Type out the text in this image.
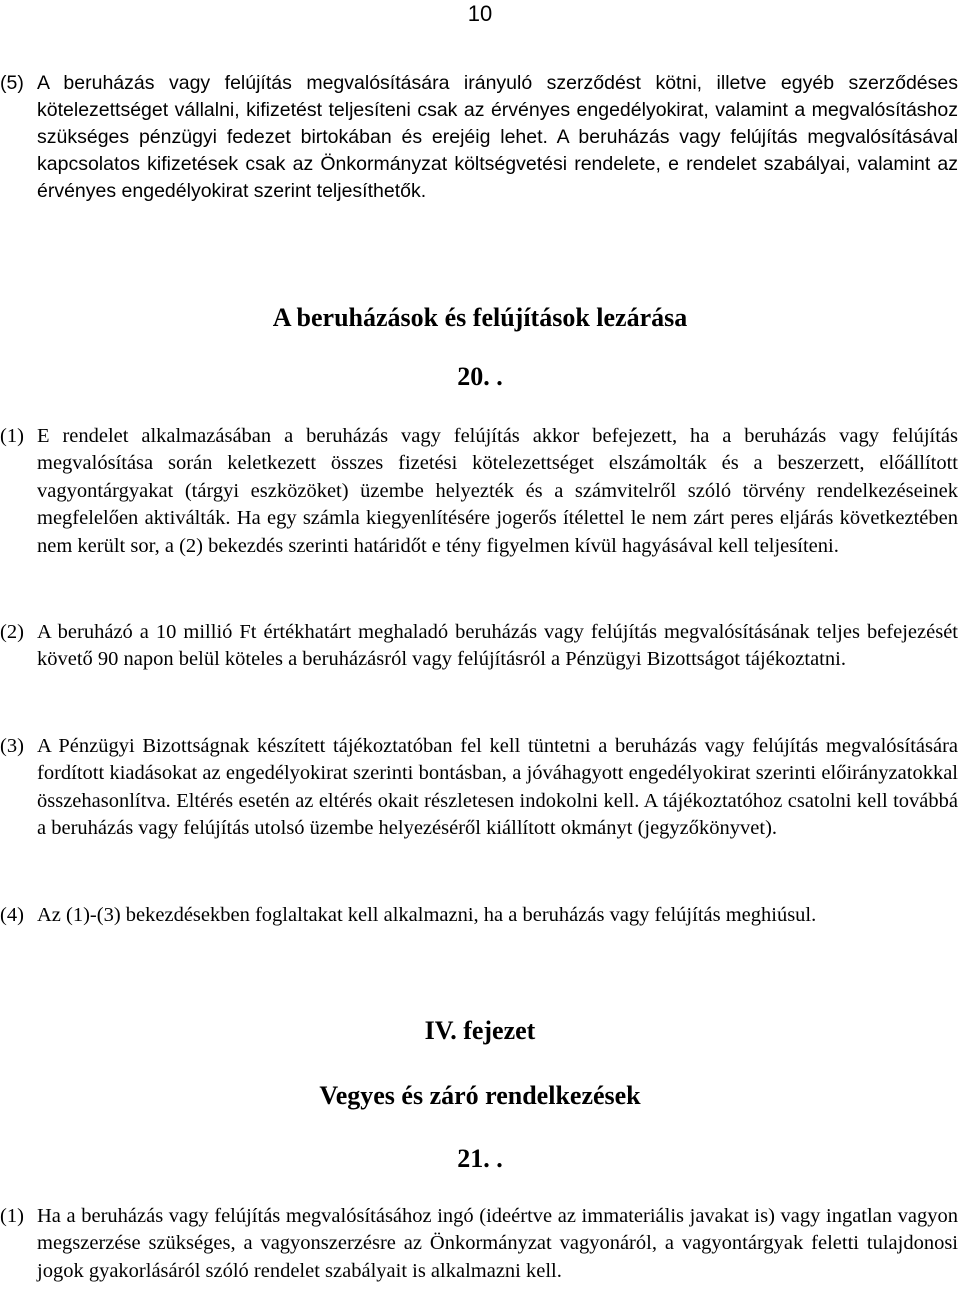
10
(5) A beruházás vagy felújítás megvalósítására irányuló szerződést kötni, illetve egyéb szerződéses kötelezettséget vállalni, kifizetést teljesíteni csak az érvényes engedélyokirat, valamint a megvalósításhoz szükséges pénzügyi fedezet birtokában és erejéig lehet. A beruházás vagy felújítás megvalósításával kapcsolatos kifizetések csak az Önkormányzat költségvetési rendelete, e rendelet szabályai, valamint az érvényes engedélyokirat szerint teljesíthetők.
A beruházások és felújítások lezárása
20. .
(1) E rendelet alkalmazásában a beruházás vagy felújítás akkor befejezett, ha a beruházás vagy felújítás megvalósítása során keletkezett összes fizetési kötelezettséget elszámolták és a beszerzett, előállított vagyontárgyakat (tárgyi eszközöket) üzembe helyezték és a számvitelről szóló törvény rendelkezéseinek megfelelően aktiválták. Ha egy számla kiegyenlítésére jogerős ítélettel le nem zárt peres eljárás következtében nem került sor, a (2) bekezdés szerinti határidőt e tény figyelmen kívül hagyásával kell teljesíteni.
(2) A beruházó a 10 millió Ft értékhatárt meghaladó beruházás vagy felújítás megvalósításának teljes befejezését követő 90 napon belül köteles a beruházásról vagy felújításról a Pénzügyi Bizottságot tájékoztatni.
(3) A Pénzügyi Bizottságnak készített tájékoztatóban fel kell tüntetni a beruházás vagy felújítás megvalósítására fordított kiadásokat az engedélyokirat szerinti bontásban, a jóváhagyott engedélyokirat szerinti előirányzatokkal összehasonlítva. Eltérés esetén az eltérés okait részletesen indokolni kell. A tájékoztatóhoz csatolni kell továbbá a beruházás vagy felújítás utolsó üzembe helyezéséről kiállított okmányt (jegyzőkönyvet).
(4) Az (1)-(3) bekezdésekben foglaltakat kell alkalmazni, ha a beruházás vagy felújítás meghiúsul.
IV. fejezet
Vegyes és záró rendelkezések
21. .
(1) Ha a beruházás vagy felújítás megvalósításához ingó (ideértve az immateriális javakat is) vagy ingatlan vagyon megszerzése szükséges, a vagyonszerzésre az Önkormányzat vagyonáról, a vagyontárgyak feletti tulajdonosi jogok gyakorlásáról szóló rendelet szabályait is alkalmazni kell.
